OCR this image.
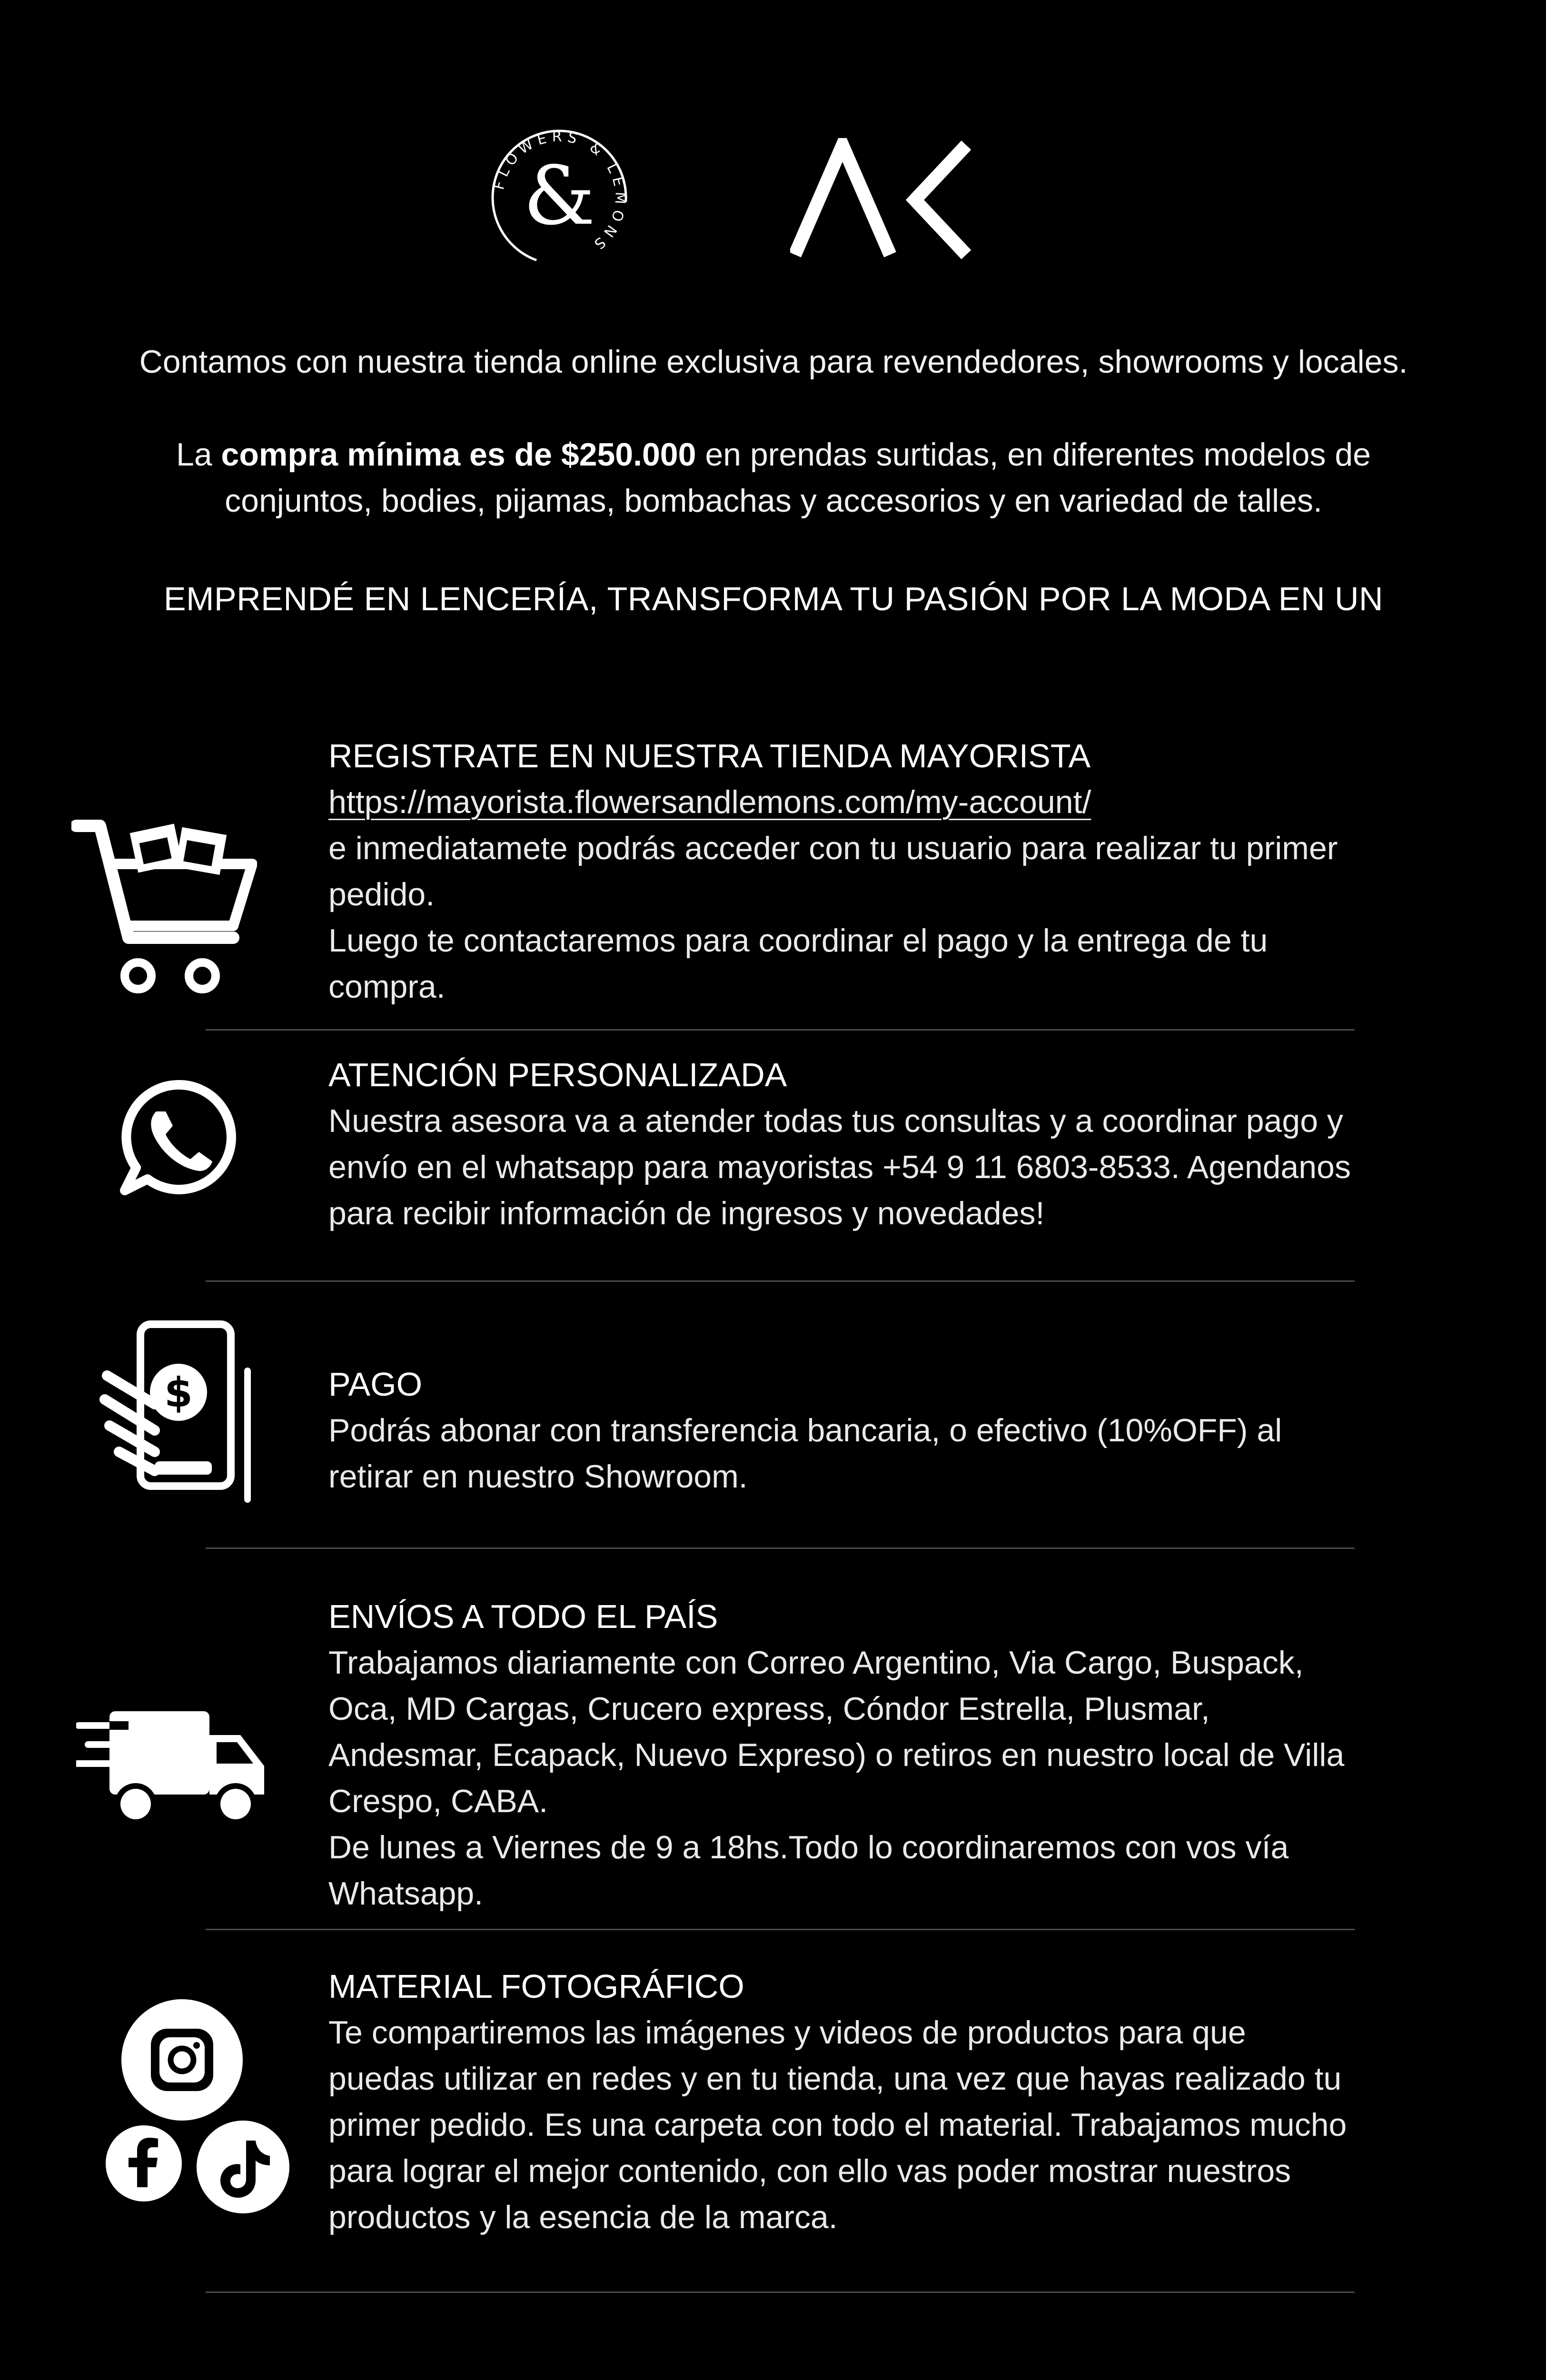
FLOWERS & LEMONS
&
AK
Contamos con nuestra tienda online exclusiva para revendedores, showrooms y locales.
La compra mínima es de $250.000 en prendas surtidas, en diferentes modelos de conjuntos, bodies, pijamas, bombachas y accesorios y en variedad de talles.
EMPRENDÉ EN LENCERÍA, TRANSFORMA TU PASIÓN POR LA MODA EN UN
REGISTRATE EN NUESTRA TIENDA MAYORISTA
https://mayorista.flowersandlemons.com/my-account/
e inmediatamete podrás acceder con tu usuario para realizar tu primer pedido.
Luego te contactaremos para coordinar el pago y la entrega de tu compra.
ATENCIÓN PERSONALIZADA
Nuestra asesora va a atender todas tus consultas y a coordinar pago y envío en el whatsapp para mayoristas +54 9 11 6803-8533. Agendanos para recibir información de ingresos y novedades!
$	PAGO
Podrás abonar con transferencia bancaria, o efectivo (10%OFF) al retirar en nuestro Showroom.
ENVÍOS A TODO EL PAÍS
Trabajamos diariamente con Correo Argentino, Via Cargo, Buspack, Oca, MD Cargas, Crucero express, Cóndor Estrella, Plusmar, Andesmar, Ecapack, Nuevo Expreso) o retiros en nuestro local de Villa Crespo, CABA.
De lunes a Viernes de 9 a 18hs.Todo lo coordinaremos con vos vía Whatsapp.
MATERIAL FOTOGRÁFICO
Te compartiremos las imágenes y videos de productos para que puedas utilizar en redes y en tu tienda, una vez que hayas realizado tu primer pedido. Es una carpeta con todo el material. Trabajamos mucho para lograr el mejor contenido, con ello vas poder mostrar nuestros productos y la esencia de la marca.
